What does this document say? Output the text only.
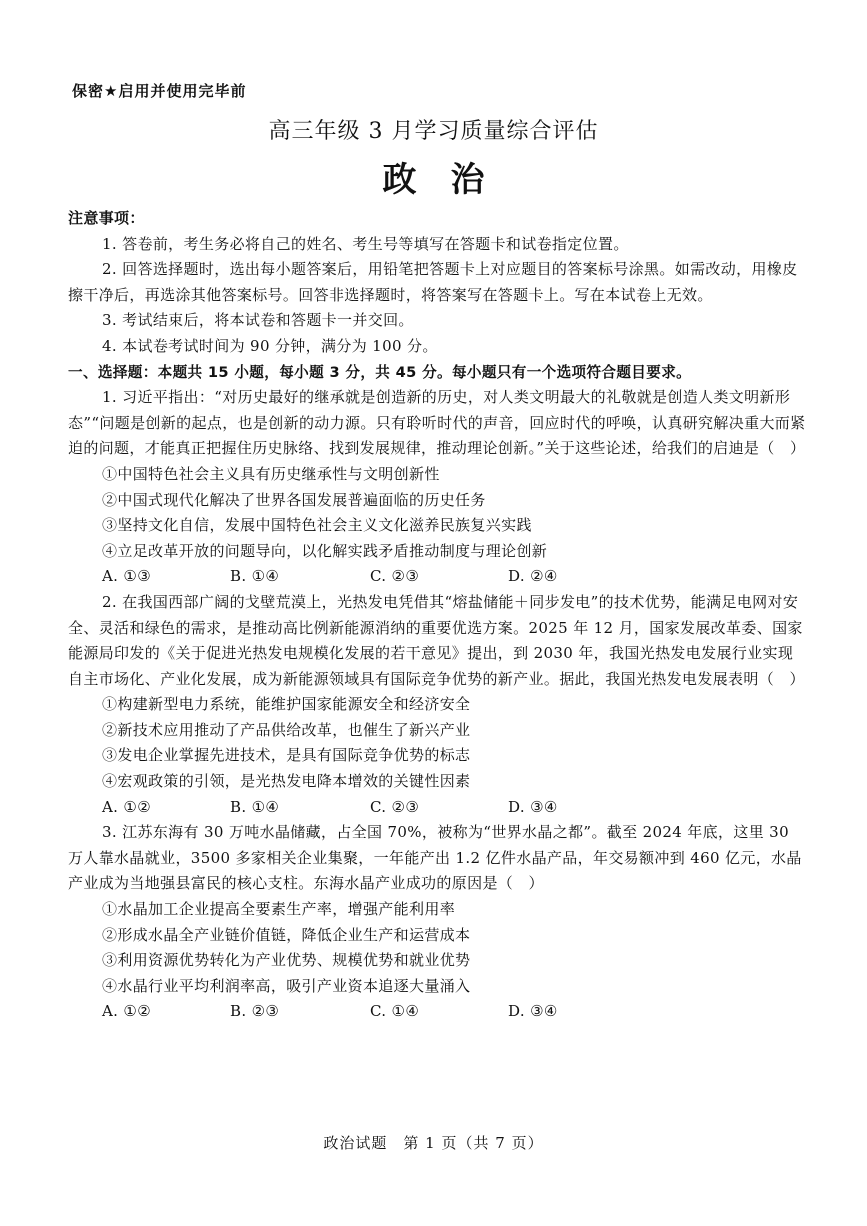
保密★启用并使用完毕前
高三年级 3 月学习质量综合评估
政治

注意事项：

1. 答卷前，考生务必将自己的姓名、考生号等填写在答题卡和试卷指定位置。

2. 回答选择题时，选出每小题答案后，用铅笔把答题卡上对应题目的答案标号涂黑。如需改动，用橡皮擦干净后，再选涂其他答案标号。回答非选择题时，将答案写在答题卡上。写在本试卷上无效。

3. 考试结束后，将本试卷和答题卡一并交回。

4. 本试卷考试时间为 90 分钟，满分为 100 分。

一、选择题：本题共 15 小题，每小题 3 分，共 45 分。每小题只有一个选项符合题目要求。

1. 习近平指出：“对历史最好的继承就是创造新的历史，对人类文明最大的礼敬就是创造人类文明新形态”“问题是创新的起点，也是创新的动力源。只有聆听时代的声音，回应时代的呼唤，认真研究解决重大而紧迫的问题，才能真正把握住历史脉络、找到发展规律，推动理论创新。”关于这些论述，给我们的启迪是（　）

①中国特色社会主义具有历史继承性与文明创新性

②中国式现代化解决了世界各国发展普遍面临的历史任务

③坚持文化自信，发展中国特色社会主义文化滋养民族复兴实践

④立足改革开放的问题导向，以化解实践矛盾推动制度与理论创新

A. ①③	B. ①④	C. ②③	D. ②④

2. 在我国西部广阔的戈壁荒漠上，光热发电凭借其“熔盐储能＋同步发电”的技术优势，能满足电网对安全、灵活和绿色的需求，是推动高比例新能源消纳的重要优选方案。2025 年 12 月，国家发展改革委、国家能源局印发的《关于促进光热发电规模化发展的若干意见》提出，到 2030 年，我国光热发电发展行业实现自主市场化、产业化发展，成为新能源领域具有国际竞争优势的新产业。据此，我国光热发电发展表明（　）

①构建新型电力系统，能维护国家能源安全和经济安全

②新技术应用推动了产品供给改革，也催生了新兴产业

③发电企业掌握先进技术，是具有国际竞争优势的标志

④宏观政策的引领，是光热发电降本增效的关键性因素

A. ①②	B. ①④	C. ②③	D. ③④

3. 江苏东海有 30 万吨水晶储藏，占全国 70%，被称为“世界水晶之都”。截至 2024 年底，这里 30 万人靠水晶就业，3500 多家相关企业集聚，一年能产出 1.2 亿件水晶产品，年交易额冲到 460 亿元，水晶产业成为当地强县富民的核心支柱。东海水晶产业成功的原因是（　）

①水晶加工企业提高全要素生产率，增强产能利用率

②形成水晶全产业链价值链，降低企业生产和运营成本

③利用资源优势转化为产业优势、规模优势和就业优势

④水晶行业平均利润率高，吸引产业资本追逐大量涌入

A. ①②	B. ②③	C. ①④	D. ③④

政治试题　第 1 页（共 7 页）
